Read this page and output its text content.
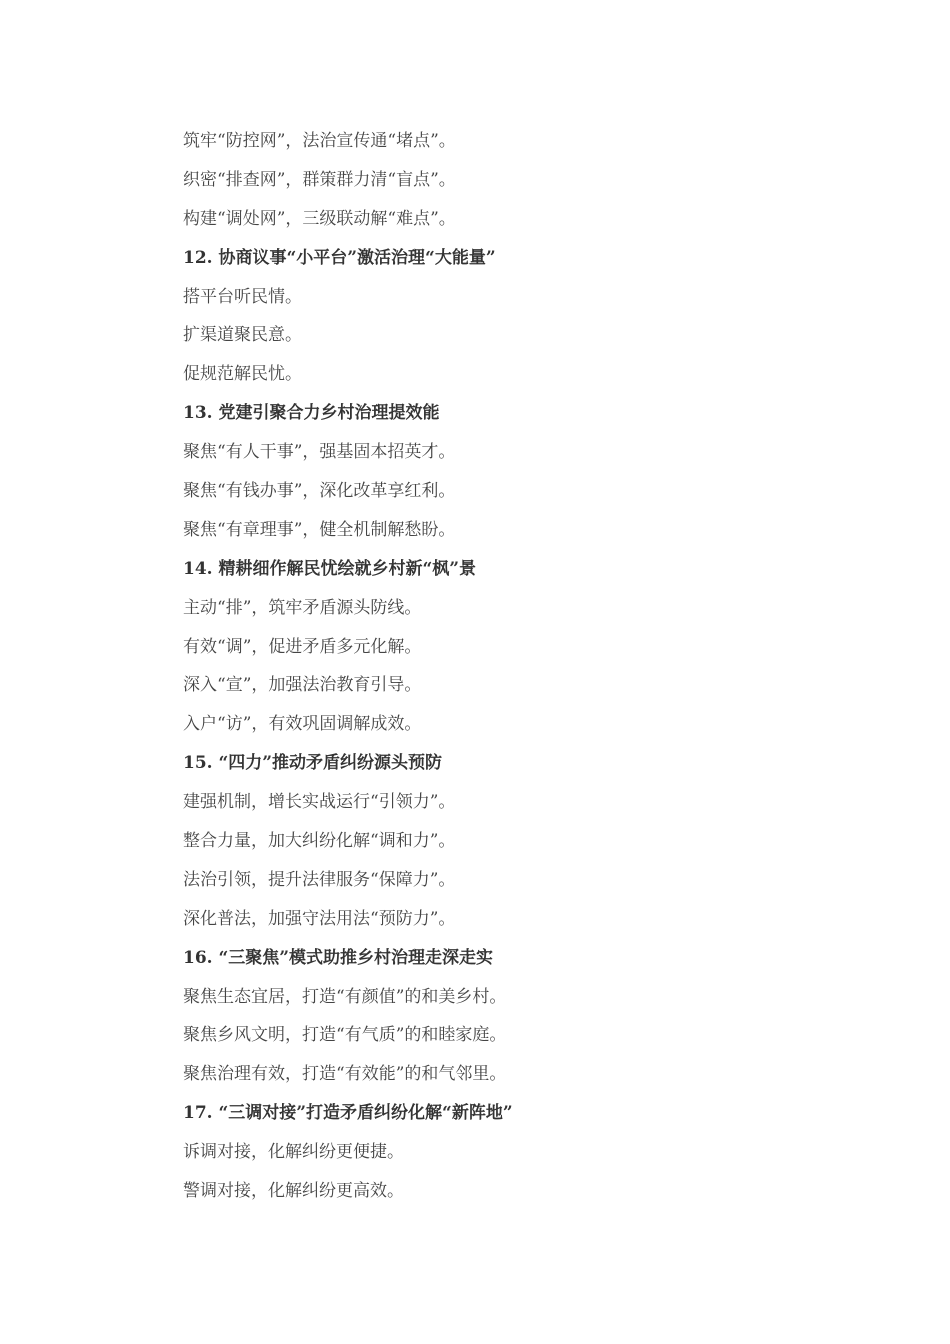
筑牢“防控网”，法治宣传通“堵点”。
织密“排查网”，群策群力清“盲点”。
构建“调处网”，三级联动解“难点”。
12. 协商议事“小平台”激活治理“大能量”
搭平台听民情。
扩渠道聚民意。
促规范解民忧。
13. 党建引聚合力乡村治理提效能
聚焦“有人干事”，强基固本招英才。
聚焦“有钱办事”，深化改革享红利。
聚焦“有章理事”，健全机制解愁盼。
14. 精耕细作解民忧绘就乡村新“枫”景
主动“排”，筑牢矛盾源头防线。
有效“调”，促进矛盾多元化解。
深入“宣”，加强法治教育引导。
入户“访”，有效巩固调解成效。
15. “四力”推动矛盾纠纷源头预防
建强机制，增长实战运行“引领力”。
整合力量，加大纠纷化解“调和力”。
法治引领，提升法律服务“保障力”。
深化普法，加强守法用法“预防力”。
16. “三聚焦”模式助推乡村治理走深走实
聚焦生态宜居，打造“有颜值”的和美乡村。
聚焦乡风文明，打造“有气质”的和睦家庭。
聚焦治理有效，打造“有效能”的和气邻里。
17. “三调对接”打造矛盾纠纷化解“新阵地”
诉调对接，化解纠纷更便捷。
警调对接，化解纠纷更高效。
